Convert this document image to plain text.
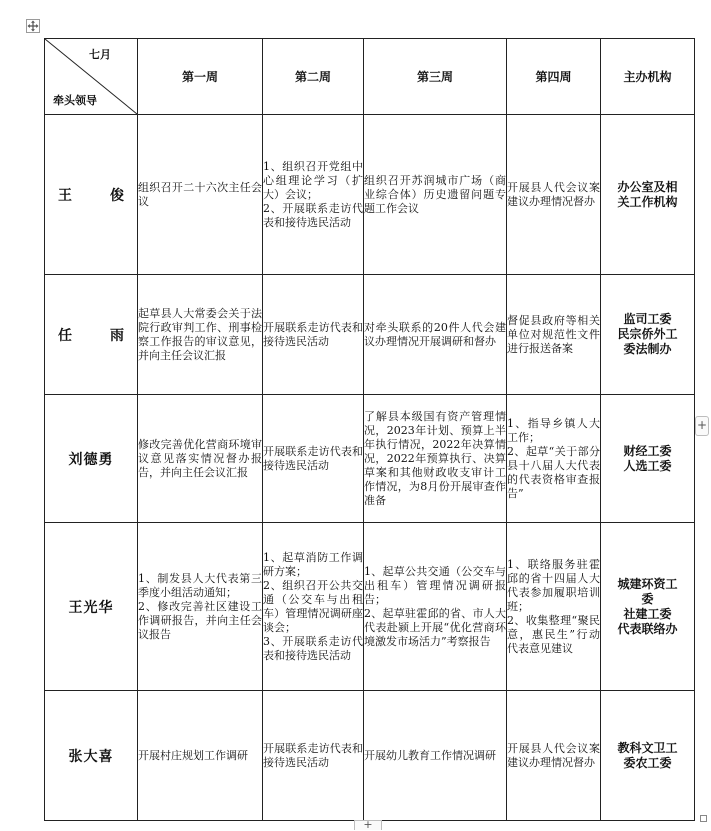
七月
牵头领导	第一周	第二周	第三周	第四周	主办机构
王　俊	组织召开二十六次主任会议	1、组织召开党组中心组理论学习（扩大）会议；
2、开展联系走访代表和接待选民活动	组织召开苏润城市广场（商业综合体）历史遗留问题专题工作会议	开展县人代会议案建议办理情况督办	办公室及相
关工作机构

任　雨	起草县人大常委会关于法院行政审判工作、刑事检察工作报告的审议意见，并向主任会议汇报	开展联系走访代表和接待选民活动	对牵头联系的20件人代会建议办理情况开展调研和督办	督促县政府等相关单位对规范性文件进行报送备案	监司工委
民宗侨外工
委法制办

刘德勇	修改完善优化营商环境审议意见落实情况督办报告，并向主任会议汇报	开展联系走访代表和接待选民活动	了解县本级国有资产管理情况，2023年计划、预算上半年执行情况，2022年决算情况，2022年预算执行、决算草案和其他财政收支审计工作情况，为8月份开展审查作准备	1、指导乡镇人大工作；
2、起草“关于部分县十八届人大代表的代表资格审查报告”	财经工委
人选工委

王光华	1、制发县人大代表第三季度小组活动通知；
2、修改完善社区建设工作调研报告，并向主任会议报告	1、起草消防工作调研方案；
2、组织召开公共交通（公交车与出租车）管理情况调研座谈会；
3、开展联系走访代表和接待选民活动	1、起草公共交通（公交车与出租车）管理情况调研报告；
2、起草驻霍邱的省、市人大代表赴颍上开展“优化营商环境激发市场活力”考察报告	1、联络服务驻霍邱的省十四届人大代表参加履职培训班；
2、收集整理“聚民意，惠民生”行动代表意见建议	城建环资工
委
社建工委
代表联络办

张大喜	开展村庄规划工作调研	开展联系走访代表和接待选民活动	开展幼儿教育工作情况调研	开展县人代会议案建议办理情况督办	教科文卫工
委农工委
+
+
